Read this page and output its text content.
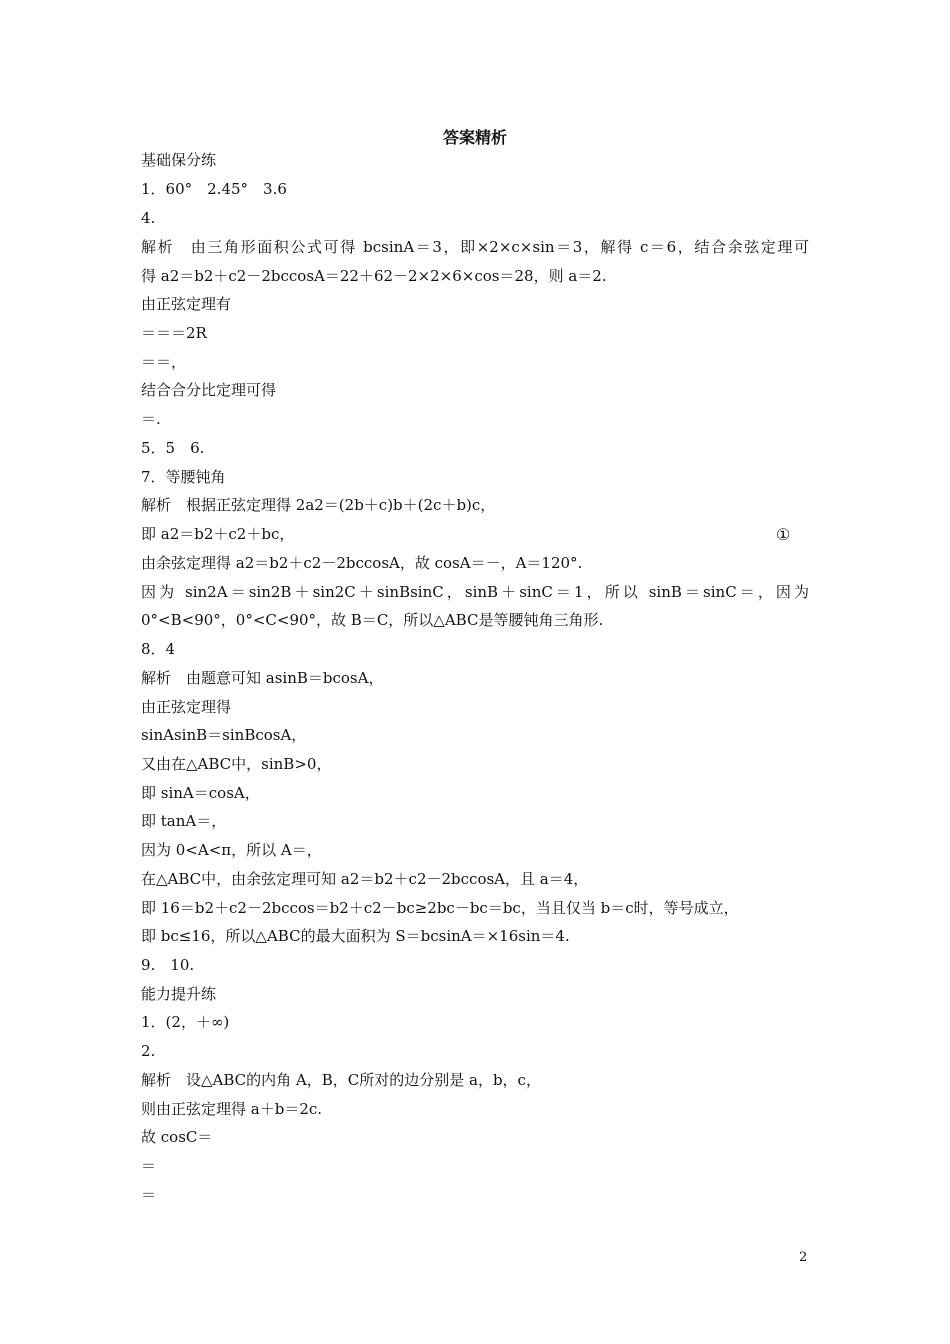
答案精析
基础保分练
1．60°　2.45°　3.6
4.
解析　由三角形面积公式可得 bcsinA＝3，即×2×c×sin＝3，解得 c＝6，结合余弦定理可
得 a2＝b2＋c2－2bccosA＝22＋62－2×2×6×cos＝28，则 a＝2.
由正弦定理有
＝＝＝2R
＝＝，
结合合分比定理可得
＝.
5．5　6.
7．等腰钝角
解析　根据正弦定理得 2a2＝(2b＋c)b＋(2c＋b)c，
即 a2＝b2＋c2＋bc，	①
由余弦定理得 a2＝b2＋c2－2bccosA，故 cosA＝－，A＝120°.
因为 sin2A＝sin2B＋sin2C＋sinBsinC，sinB＋sinC＝1，所以 sinB＝sinC＝，因为
0°<B<90°，0°<C<90°，故 B＝C，所以△ABC是等腰钝角三角形.
8．4
解析　由题意可知 asinB＝bcosA，
由正弦定理得
sinAsinB＝sinBcosA，
又由在△ABC中，sinB>0，
即 sinA＝cosA，
即 tanA＝，
因为 0<A<π，所以 A＝，
在△ABC中，由余弦定理可知 a2＝b2＋c2－2bccosA，且 a＝4，
即 16＝b2＋c2－2bccos＝b2＋c2－bc≥2bc－bc＝bc，当且仅当 b＝c时，等号成立，
即 bc≤16，所以△ABC的最大面积为 S＝bcsinA＝×16sin＝4.
9.　10.
能力提升练
1．(2，＋∞)
2.
解析　设△ABC的内角 A，B，C所对的边分别是 a，b，c，
则由正弦定理得 a＋b＝2c.
故 cosC＝
＝
＝
2
